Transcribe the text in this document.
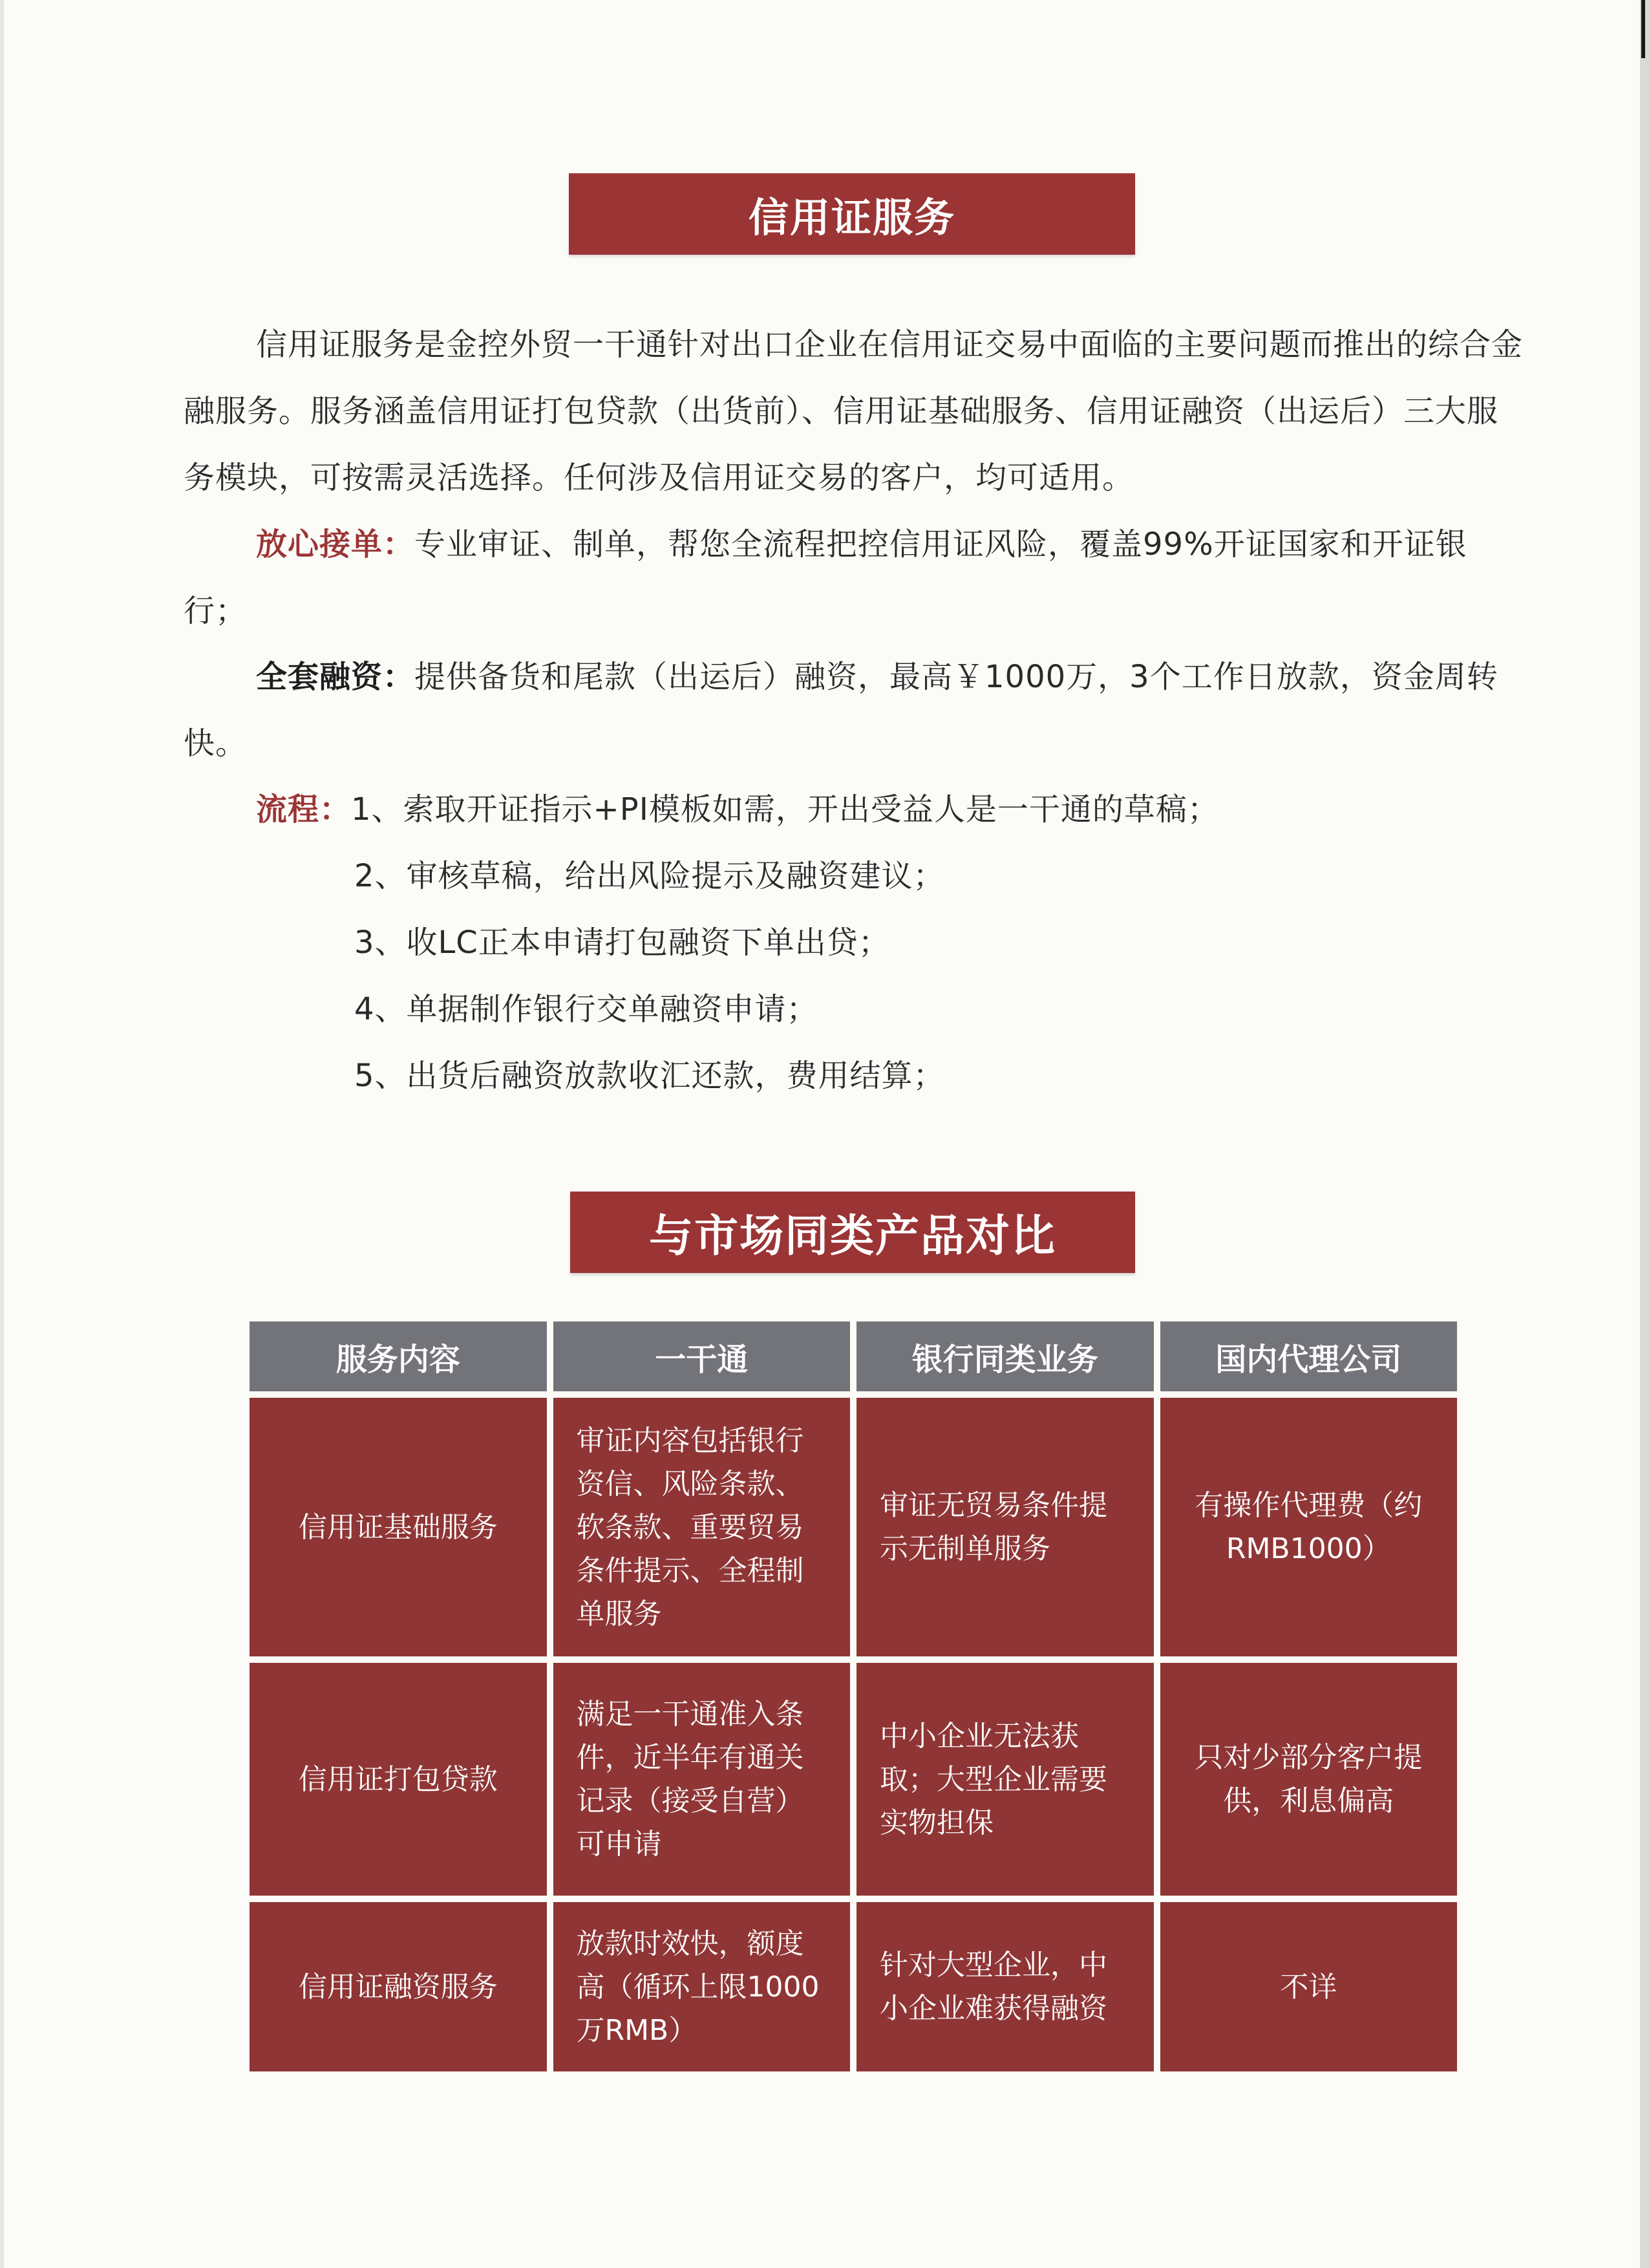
信用证服务

信用证服务是金控外贸一干通针对出口企业在信用证交易中面临的主要问题而推出的综合金融服务。服务涵盖信用证打包贷款（出货前）、信用证基础服务、信用证融资（出运后）三大服务模块，可按需灵活选择。任何涉及信用证交易的客户，均可适用。

放心接单：专业审证、制单，帮您全流程把控信用证风险，覆盖99%开证国家和开证银行；

全套融资：提供备货和尾款（出运后）融资，最高￥1000万，3个工作日放款，资金周转快。

流程：1、索取开证指示+PI模板如需，开出受益人是一干通的草稿；

2、审核草稿，给出风险提示及融资建议；
3、收LC正本申请打包融资下单出贷；
4、单据制作银行交单融资申请；
5、出货后融资放款收汇还款，费用结算；
与市场同类产品对比
服务内容	一干通	银行同类业务	国内代理公司
信用证基础服务	审证内容包括银行资信、风险条款、软条款、重要贸易条件提示、全程制单服务	审证无贸易条件提示无制单服务	有操作代理费（约RMB1000）
信用证打包贷款	满足一干通准入条件，近半年有通关记录（接受自营）可申请	中小企业无法获取；大型企业需要实物担保	只对少部分客户提供，利息偏高
信用证融资服务	放款时效快，额度高（循环上限1000万RMB）	针对大型企业，中小企业难获得融资	不详
